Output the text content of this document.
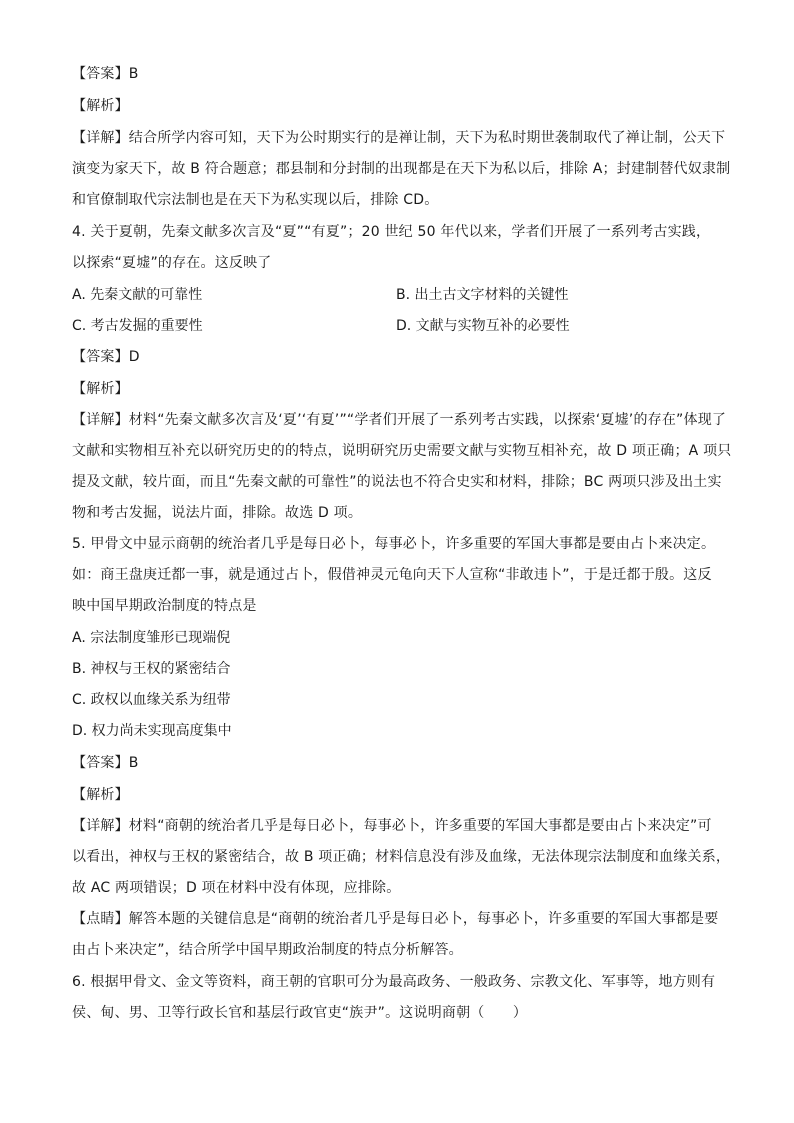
【答案】B
【解析】
【详解】结合所学内容可知，天下为公时期实行的是禅让制，天下为私时期世袭制取代了禅让制，公天下
演变为家天下，故 B 符合题意；郡县制和分封制的出现都是在天下为私以后，排除 A；封建制替代奴隶制
和官僚制取代宗法制也是在天下为私实现以后，排除 CD。
4. 关于夏朝，先秦文献多次言及“夏”“有夏”；20 世纪 50 年代以来，学者们开展了一系列考古实践，
以探索“夏墟”的存在。这反映了
A. 先秦文献的可靠性	B. 出土古文字材料的关键性
C. 考古发掘的重要性	D. 文献与实物互补的必要性
【答案】D
【解析】
【详解】材料“先秦文献多次言及‘夏’‘有夏’”“学者们开展了一系列考古实践，以探索‘夏墟’的存在”体现了
文献和实物相互补充以研究历史的的特点，说明研究历史需要文献与实物互相补充，故 D 项正确；A 项只
提及文献，较片面，而且“先秦文献的可靠性”的说法也不符合史实和材料，排除；BC 两项只涉及出土实
物和考古发掘，说法片面，排除。故选 D 项。
5. 甲骨文中显示商朝的统治者几乎是每日必卜，每事必卜，许多重要的军国大事都是要由占卜来决定。
如：商王盘庚迁都一事，就是通过占卜，假借神灵元龟向天下人宣称“非敢违卜”，于是迁都于殷。这反
映中国早期政治制度的特点是
A. 宗法制度雏形已现端倪
B. 神权与王权的紧密结合
C. 政权以血缘关系为纽带
D. 权力尚未实现高度集中
【答案】B
【解析】
【详解】材料“商朝的统治者几乎是每日必卜，每事必卜，许多重要的军国大事都是要由占卜来决定”可
以看出，神权与王权的紧密结合，故 B 项正确；材料信息没有涉及血缘，无法体现宗法制度和血缘关系，
故 AC 两项错误；D 项在材料中没有体现，应排除。
【点睛】解答本题的关键信息是“商朝的统治者几乎是每日必卜，每事必卜，许多重要的军国大事都是要
由占卜来决定”，结合所学中国早期政治制度的特点分析解答。
6. 根据甲骨文、金文等资料，商王朝的官职可分为最高政务、一般政务、宗教文化、军事等，地方则有
侯、甸、男、卫等行政长官和基层行政官吏“族尹”。这说明商朝（　　）
